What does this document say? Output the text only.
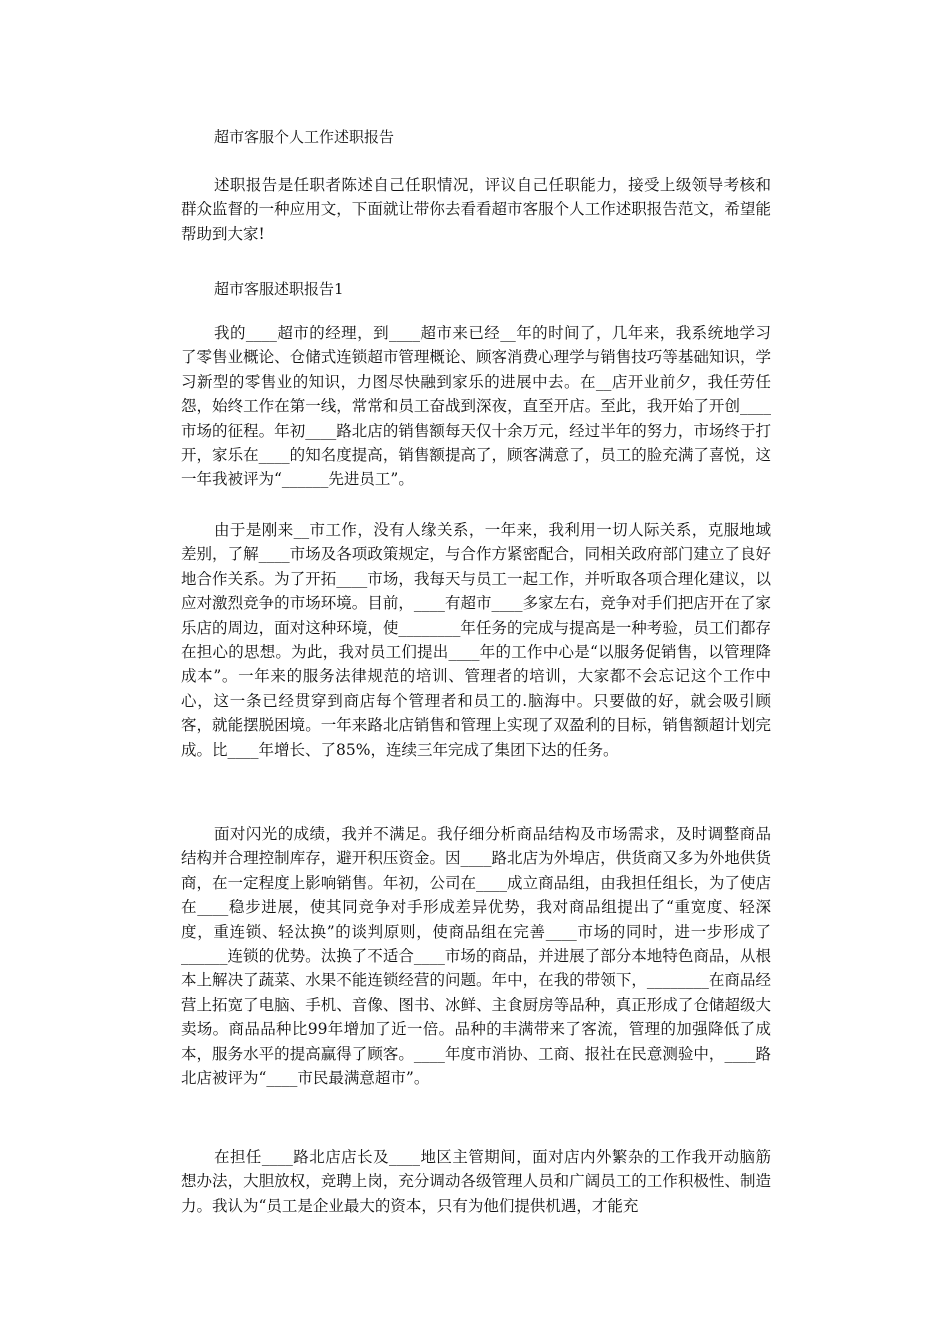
超市客服个人工作述职报告

述职报告是任职者陈述自己任职情况，评议自己任职能力，接受上级领导考核和群众监督的一种应用文，下面就让带你去看看超市客服个人工作述职报告范文，希望能帮助到大家!

超市客服述职报告1

我的____超市的经理，到____超市来已经__年的时间了，几年来，我系统地学习了零售业概论、仓储式连锁超市管理概论、顾客消费心理学与销售技巧等基础知识，学习新型的零售业的知识，力图尽快融到家乐的进展中去。在__店开业前夕，我任劳任怨，始终工作在第一线，常常和员工奋战到深夜，直至开店。至此，我开始了开创____市场的征程。年初____路北店的销售额每天仅十余万元，经过半年的努力，市场终于打开，家乐在____的知名度提高，销售额提高了，顾客满意了，员工的脸充满了喜悦，这一年我被评为“______先进员工”。

由于是刚来__市工作，没有人缘关系，一年来，我利用一切人际关系，克服地域差别，了解____市场及各项政策规定，与合作方紧密配合，同相关政府部门建立了良好地合作关系。为了开拓____市场，我每天与员工一起工作，并听取各项合理化建议，以应对激烈竞争的市场环境。目前，____有超市____多家左右，竞争对手们把店开在了家乐店的周边，面对这种环境，使________年任务的完成与提高是一种考验，员工们都存在担心的思想。为此，我对员工们提出____年的工作中心是“以服务促销售，以管理降成本”。一年来的服务法律规范的培训、管理者的培训，大家都不会忘记这个工作中心，这一条已经贯穿到商店每个管理者和员工的.脑海中。只要做的好，就会吸引顾客，就能摆脱困境。一年来路北店销售和管理上实现了双盈利的目标，销售额超计划完成。比____年增长、了85%，连续三年完成了集团下达的任务。

面对闪光的成绩，我并不满足。我仔细分析商品结构及市场需求，及时调整商品结构并合理控制库存，避开积压资金。因____路北店为外埠店，供货商又多为外地供货商，在一定程度上影响销售。年初，公司在____成立商品组，由我担任组长，为了使店在____稳步进展，使其同竞争对手形成差异优势，我对商品组提出了“重宽度、轻深度，重连锁、轻汰换”的谈判原则，使商品组在完善____市场的同时，进一步形成了______连锁的优势。汰换了不适合____市场的商品，并进展了部分本地特色商品，从根本上解决了蔬菜、水果不能连锁经营的问题。年中，在我的带领下，________在商品经营上拓宽了电脑、手机、音像、图书、冰鲜、主食厨房等品种，真正形成了仓储超级大卖场。商品品种比99年增加了近一倍。品种的丰满带来了客流，管理的加强降低了成本，服务水平的提高赢得了顾客。____年度市消协、工商、报社在民意测验中，____路北店被评为“____市民最满意超市”。

在担任____路北店店长及____地区主管期间，面对店内外繁杂的工作我开动脑筋想办法，大胆放权，竞聘上岗，充分调动各级管理人员和广阔员工的工作积极性、制造力。我认为“员工是企业最大的资本，只有为他们提供机遇，才能充
